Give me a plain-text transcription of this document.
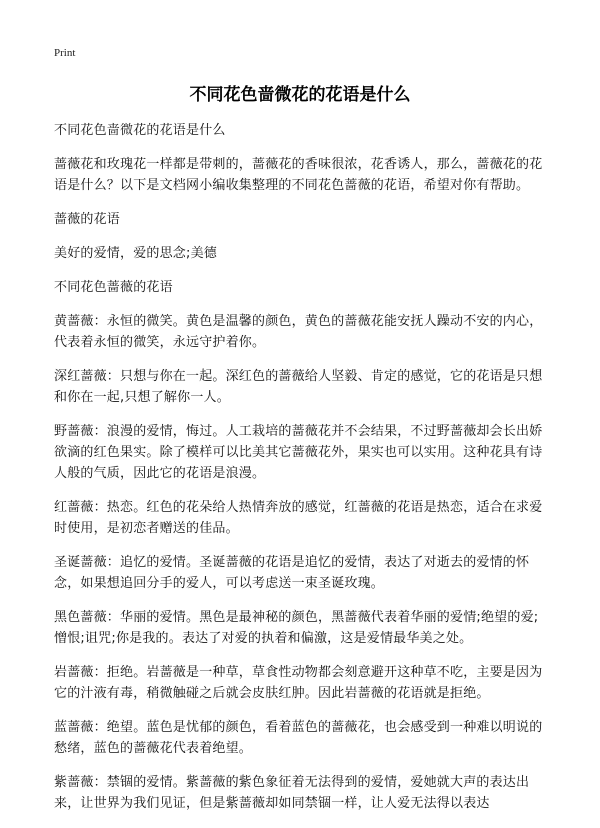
Print
不同花色啬微花的花语是什么

不同花色啬微花的花语是什么

蔷薇花和玫瑰花一样都是带刺的，蔷薇花的香味很浓，花香诱人，那么，蔷薇花的花语是什么？以下是文档网小编收集整理的不同花色蔷薇的花语，希望对你有帮助。

蔷薇的花语

美好的爱情，爱的思念;美德

不同花色蔷薇的花语

黄蔷薇：永恒的微笑。黄色是温馨的颜色，黄色的蔷薇花能安抚人躁动不安的内心，代表着永恒的微笑，永远守护着你。

深红蔷薇：只想与你在一起。深红色的蔷薇给人坚毅、肯定的感觉，它的花语是只想和你在一起,只想了解你一人。

野蔷薇：浪漫的爱情，悔过。人工栽培的蔷薇花并不会结果，不过野蔷薇却会长出娇欲滴的红色果实。除了模样可以比美其它蔷薇花外，果实也可以实用。这种花具有诗人般的气质，因此它的花语是浪漫。

红蔷薇：热恋。红色的花朵给人热情奔放的感觉，红蔷薇的花语是热恋，适合在求爱时使用，是初恋者赠送的佳品。

圣诞蔷薇：追忆的爱情。圣诞蔷薇的花语是追忆的爱情，表达了对逝去的爱情的怀念，如果想追回分手的爱人，可以考虑送一束圣诞玫瑰。

黑色蔷薇：华丽的爱情。黑色是最神秘的颜色，黑蔷薇代表着华丽的爱情;绝望的爱; 憎恨;诅咒;你是我的。表达了对爱的执着和偏激，这是爱情最华美之处。

岩蔷薇：拒绝。岩蔷薇是一种草，草食性动物都会刻意避开这种草不吃，主要是因为它的汁液有毒，稍微触碰之后就会皮肤红肿。因此岩蔷薇的花语就是拒绝。

蓝蔷薇：绝望。蓝色是忧郁的颜色，看着蓝色的蔷薇花，也会感受到一种难以明说的愁绪，蓝色的蔷薇花代表着绝望。

紫蔷薇：禁锢的爱情。紫蔷薇的紫色象征着无法得到的爱情，爱她就大声的表达出来，让世界为我们见证，但是紫蔷薇却如同禁锢一样，让人爱无法得以表达
